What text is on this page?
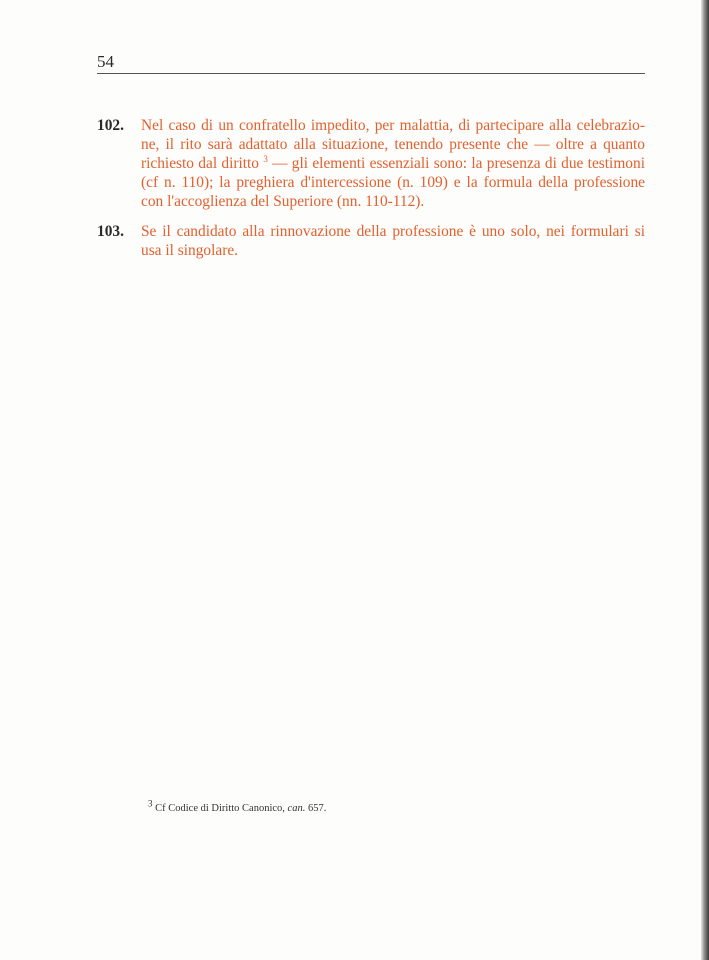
54
102.	Nel caso di un confratello impedito, per malattia, di partecipare alla celebrazio-
ne, il rito sarà adattato alla situazione, tenendo presente che — oltre a quanto
richiesto dal diritto $^3$ — gli elementi essenziali sono: la presenza di due testimoni
(cf n. 110); la preghiera d'intercessione (n. 109) e la formula della professione
con l'accoglienza del Superiore (nn. 110-112).
103.	Se il candidato alla rinnovazione della professione è uno solo, nei formulari si
usa il singolare.
$^3$ Cf Codice di Diritto Canonico, can. 657.
